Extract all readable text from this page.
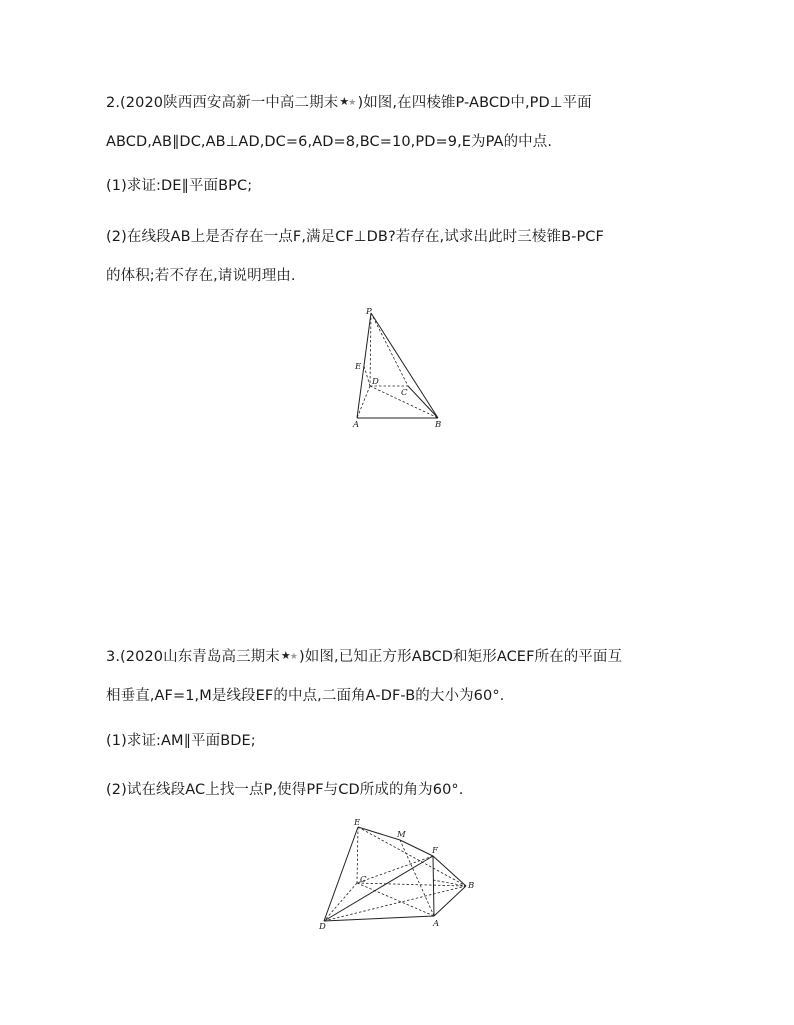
2.(2020陕西西安高新一中高二期末★★)如图,在四棱锥P-ABCD中,PD⊥平面
ABCD,AB∥DC,AB⊥AD,DC=6,AD=8,BC=10,PD=9,E为PA的中点.
(1)求证:DE∥平面BPC;
(2)在线段AB上是否存在一点F,满足CF⊥DB?若存在,试求出此时三棱锥B-PCF
的体积;若不存在,请说明理由.
P
E
D
C
A	B
3.(2020山东青岛高三期末★★)如图,已知正方形ABCD和矩形ACEF所在的平面互
相垂直,AF=1,M是线段EF的中点,二面角A-DF-B的大小为60°.
(1)求证:AM∥平面BDE;
(2)试在线段AC上找一点P,使得PF与CD所成的角为60°.
E
M
F
C
B
D	A
